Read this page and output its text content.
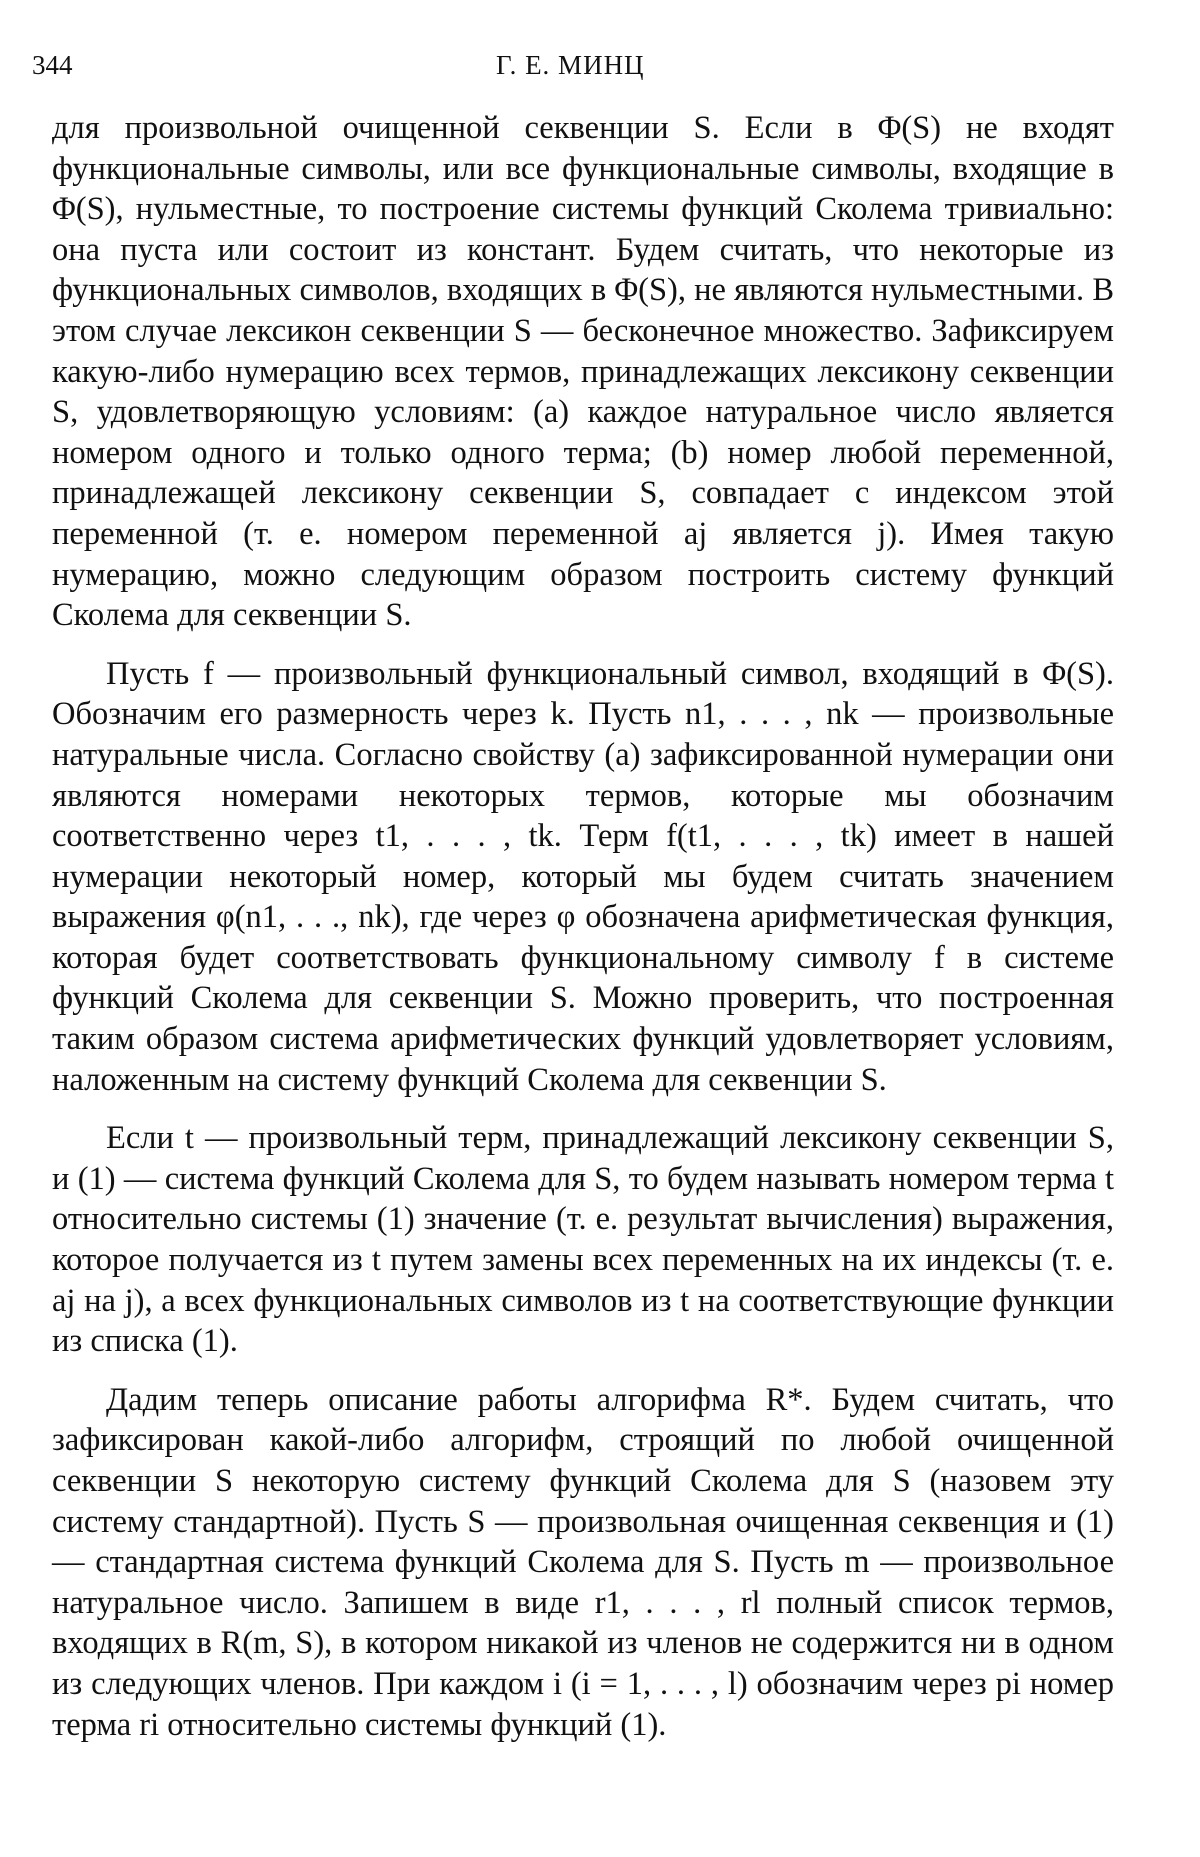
344	Г. Е. МИНЦ

для произвольной очищенной секвенции S. Если в Φ(S) не входят функциональные символы, или все функциональные символы, входящие в Φ(S), нульместные, то построение системы функций Сколема тривиально: она пуста или состоит из констант. Будем считать, что некоторые из функциональных символов, входящих в Φ(S), не являются нульместными. В этом случае лексикон секвенции S — бесконечное множество. Зафиксируем какую-либо нумерацию всех термов, принадлежащих лексикону секвенции S, удовлетворяющую условиям: (a) каждое натуральное число является номером одного и только одного терма; (b) номер любой переменной, принадлежащей лексикону секвенции S, совпадает с индексом этой переменной (т. е. номером переменной aj является j). Имея такую нумерацию, можно следующим образом построить систему функций Сколема для секвенции S.

Пусть f — произвольный функциональный символ, входящий в Φ(S). Обозначим его размерность через k. Пусть n1, . . . , nk — произвольные натуральные числа. Согласно свойству (a) зафиксированной нумерации они являются номерами некоторых термов, которые мы обозначим соответственно через t1, . . . , tk. Терм f(t1, . . . , tk) имеет в нашей нумерации некоторый номер, который мы будем считать значением выражения φ(n1, . . ., nk), где через φ обозначена арифметическая функция, которая будет соответствовать функциональному символу f в системе функций Сколема для секвенции S. Можно проверить, что построенная таким образом система арифметических функций удовлетворяет условиям, наложенным на систему функций Сколема для секвенции S.

Если t — произвольный терм, принадлежащий лексикону секвенции S, и (1) — система функций Сколема для S, то будем называть номером терма t относительно системы (1) значение (т. е. результат вычисления) выражения, которое получается из t путем замены всех переменных на их индексы (т. е. aj на j), а всех функциональных символов из t на соответствующие функции из списка (1).

Дадим теперь описание работы алгорифма R*. Будем считать, что зафиксирован какой-либо алгорифм, строящий по любой очищенной секвенции S некоторую систему функций Сколема для S (назовем эту систему стандартной). Пусть S — произвольная очищенная секвенция и (1) — стандартная система функций Сколема для S. Пусть m — произвольное натуральное число. Запишем в виде r1, . . . , rl полный список термов, входящих в R(m, S), в котором никакой из членов не содержится ни в одном из следующих членов. При каждом i (i = 1, . . . , l) обозначим через pi номер терма ri относительно системы функций (1).
